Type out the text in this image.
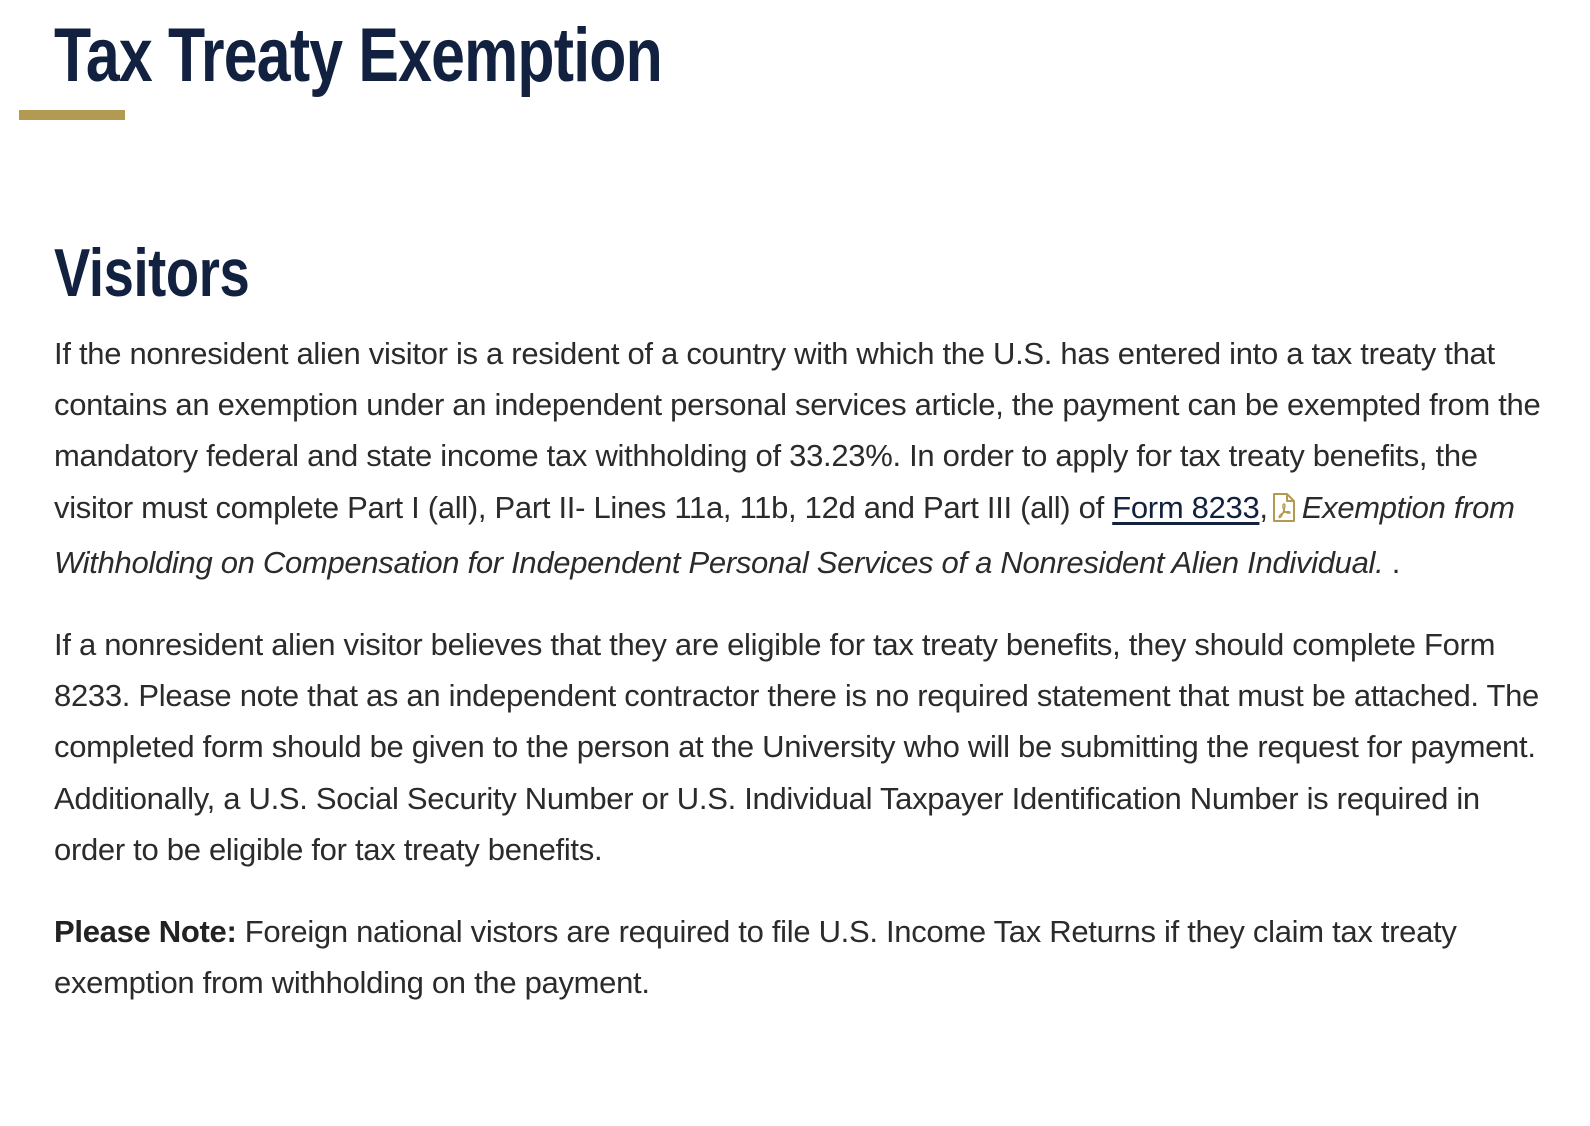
Tax Treaty Exemption
Visitors

If the nonresident alien visitor is a resident of a country with which the U.S. has entered into a tax treaty that contains an exemption under an independent personal services article, the payment can be exempted from the mandatory federal and state income tax withholding of 33.23%. In order to apply for tax treaty benefits, the visitor must complete Part I (all), Part II- Lines 11a, 11b, 12d and Part III (all) of Form 8233, Exemption from Withholding on Compensation for Independent Personal Services of a Nonresident Alien Individual. .

If a nonresident alien visitor believes that they are eligible for tax treaty benefits, they should complete Form 8233. Please note that as an independent contractor there is no required statement that must be attached. The completed form should be given to the person at the University who will be submitting the request for payment. Additionally, a U.S. Social Security Number or U.S. Individual Taxpayer Identification Number is required in order to be eligible for tax treaty benefits.

Please Note: Foreign national vistors are required to file U.S. Income Tax Returns if they claim tax treaty exemption from withholding on the payment.
